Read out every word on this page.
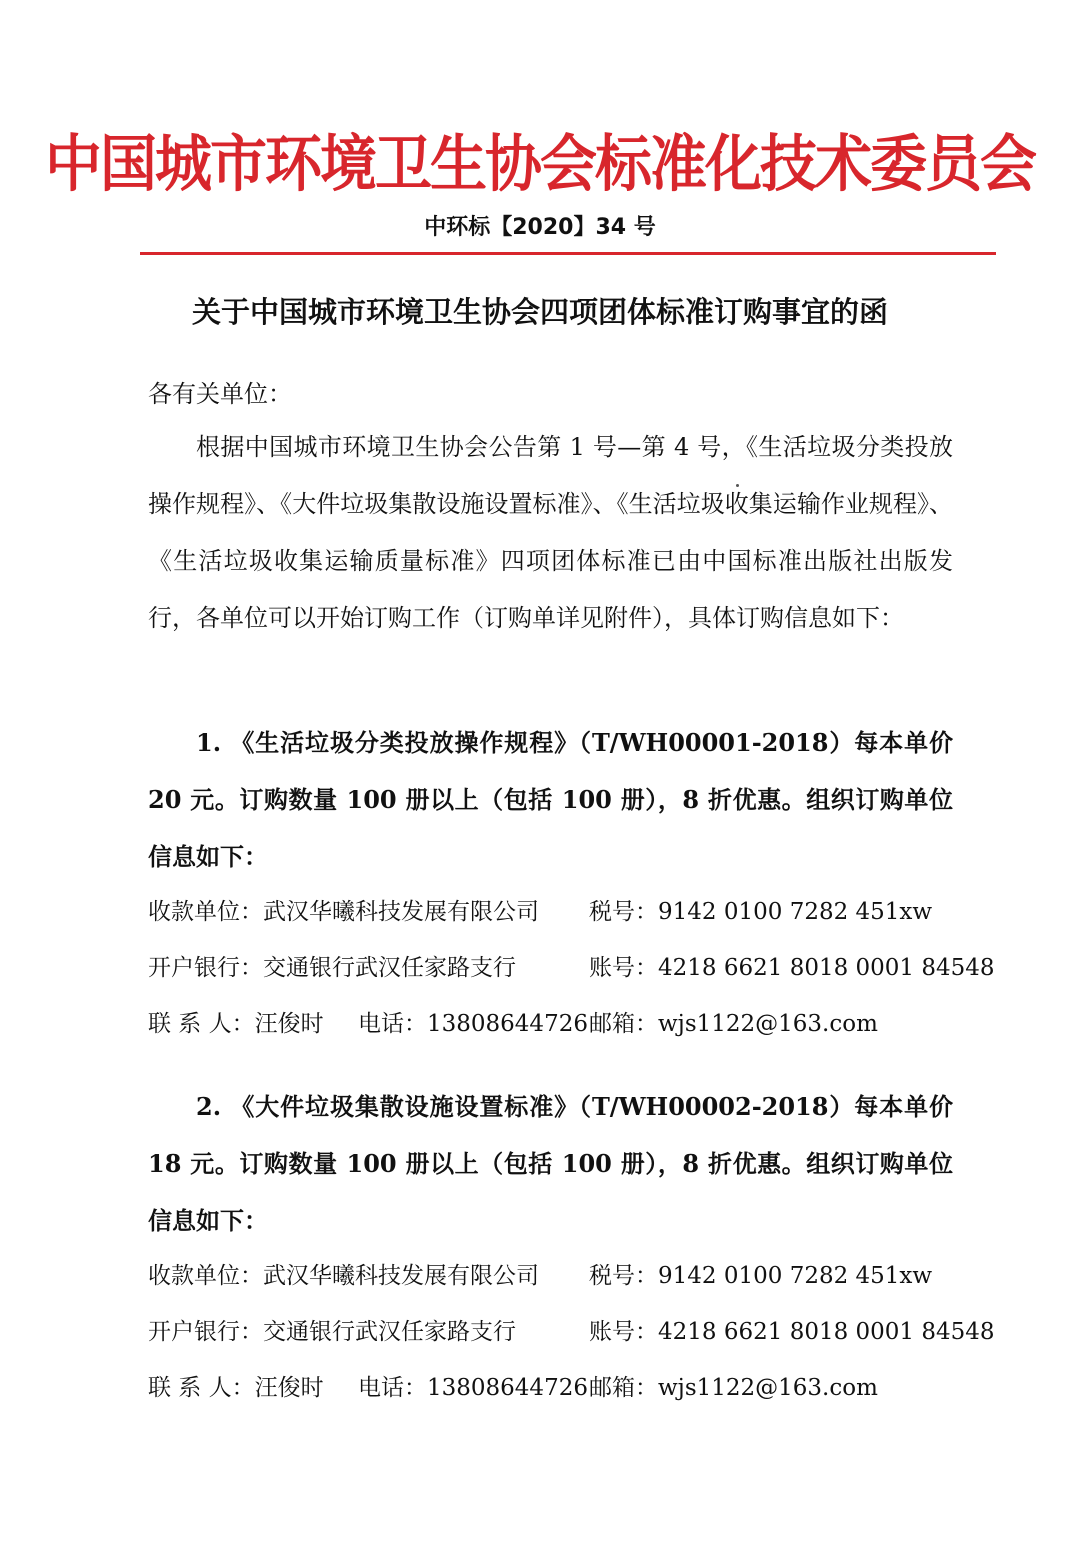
中国城市环境卫生协会标准化技术委员会
中环标【2020】34 号
关于中国城市环境卫生协会四项团体标准订购事宜的函
各有关单位：
根据中国城市环境卫生协会公告第 1 号—第 4 号，《生活垃圾分类投放操作规程》、《大件垃圾集散设施设置标准》、《生活垃圾收集运输作业规程》、《生活垃圾收集运输质量标准》四项团体标准已由中国标准出版社出版发行，各单位可以开始订购工作（订购单详见附件），具体订购信息如下：
1. 《生活垃圾分类投放操作规程》（T/WH00001-2018）每本单价 20 元。订购数量 100 册以上（包括 100 册），8 折优惠。组织订购单位信息如下：
收款单位：武汉华曦科技发展有限公司 税号：9142 0100 7282 451xw
开户银行：交通银行武汉任家路支行	账号：4218 6621 8018 0001 84548
联 系 人：汪俊时 电话：13808644726 邮箱：wjs1122@163.com
2. 《大件垃圾集散设施设置标准》（T/WH00002-2018）每本单价 18 元。订购数量 100 册以上（包括 100 册），8 折优惠。组织订购单位信息如下：
收款单位：武汉华曦科技发展有限公司 税号：9142 0100 7282 451xw
开户银行：交通银行武汉任家路支行	账号：4218 6621 8018 0001 84548
联 系 人：汪俊时 电话：13808644726 邮箱：wjs1122@163.com
